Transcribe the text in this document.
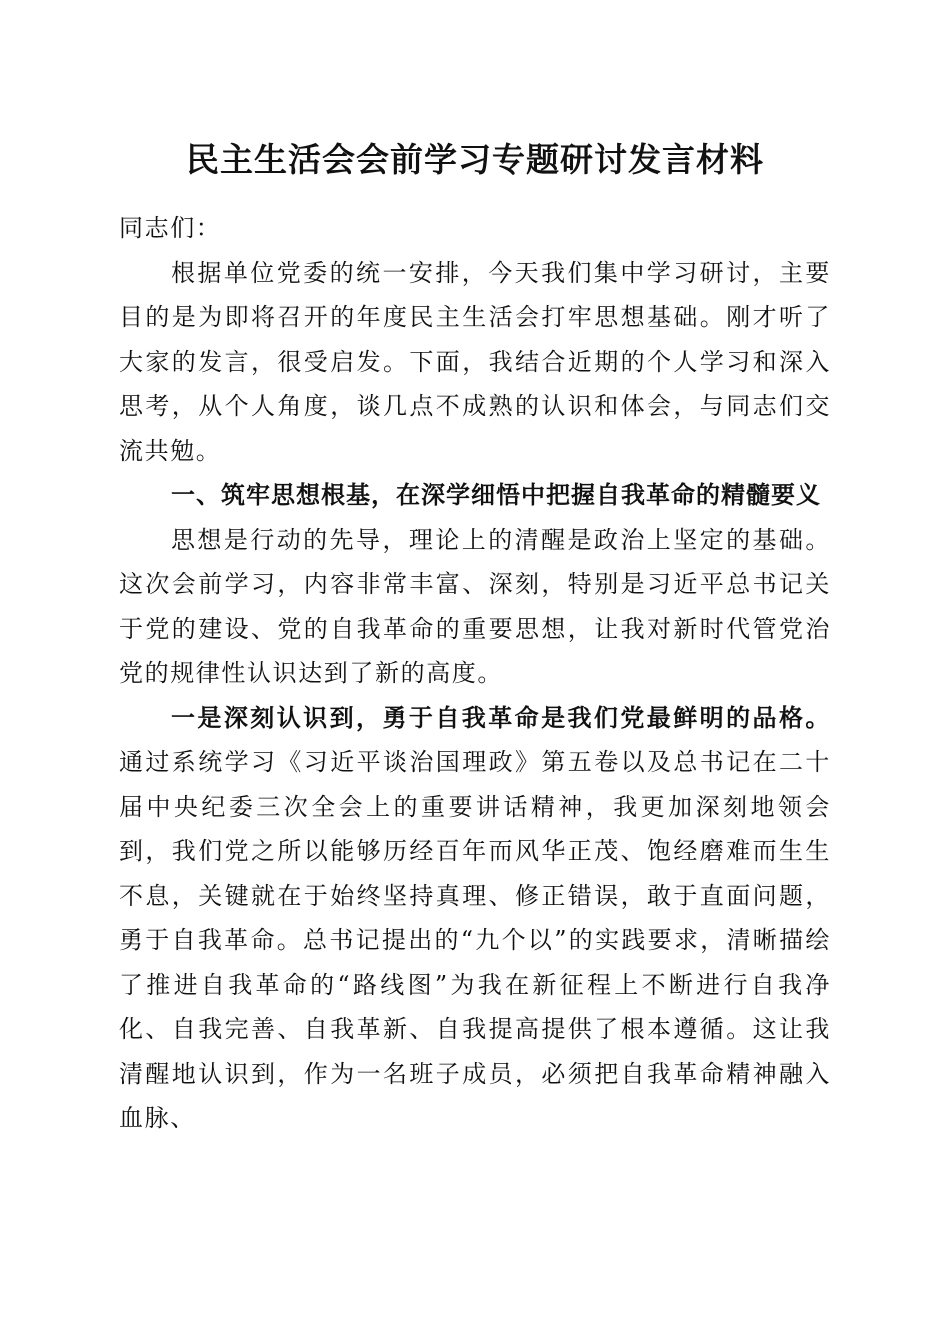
民主生活会会前学习专题研讨发言材料

同志们：

根据单位党委的统一安排，今天我们集中学习研讨，主要目的是为即将召开的年度民主生活会打牢思想基础。刚才听了大家的发言，很受启发。下面，我结合近期的个人学习和深入思考，从个人角度，谈几点不成熟的认识和体会，与同志们交流共勉。

一、筑牢思想根基，在深学细悟中把握自我革命的精髓要义

思想是行动的先导，理论上的清醒是政治上坚定的基础。这次会前学习，内容非常丰富、深刻，特别是习近平总书记关于党的建设、党的自我革命的重要思想，让我对新时代管党治党的规律性认识达到了新的高度。

一是深刻认识到，勇于自我革命是我们党最鲜明的品格。通过系统学习《习近平谈治国理政》第五卷以及总书记在二十届中央纪委三次全会上的重要讲话精神，我更加深刻地领会到，我们党之所以能够历经百年而风华正茂、饱经磨难而生生不息，关键就在于始终坚持真理、修正错误，敢于直面问题，勇于自我革命。总书记提出的“九个以”的实践要求，清晰描绘了推进自我革命的“路线图”为我在新征程上不断进行自我净化、自我完善、自我革新、自我提高提供了根本遵循。这让我清醒地认识到，作为一名班子成员，必须把自我革命精神融入血脉、
